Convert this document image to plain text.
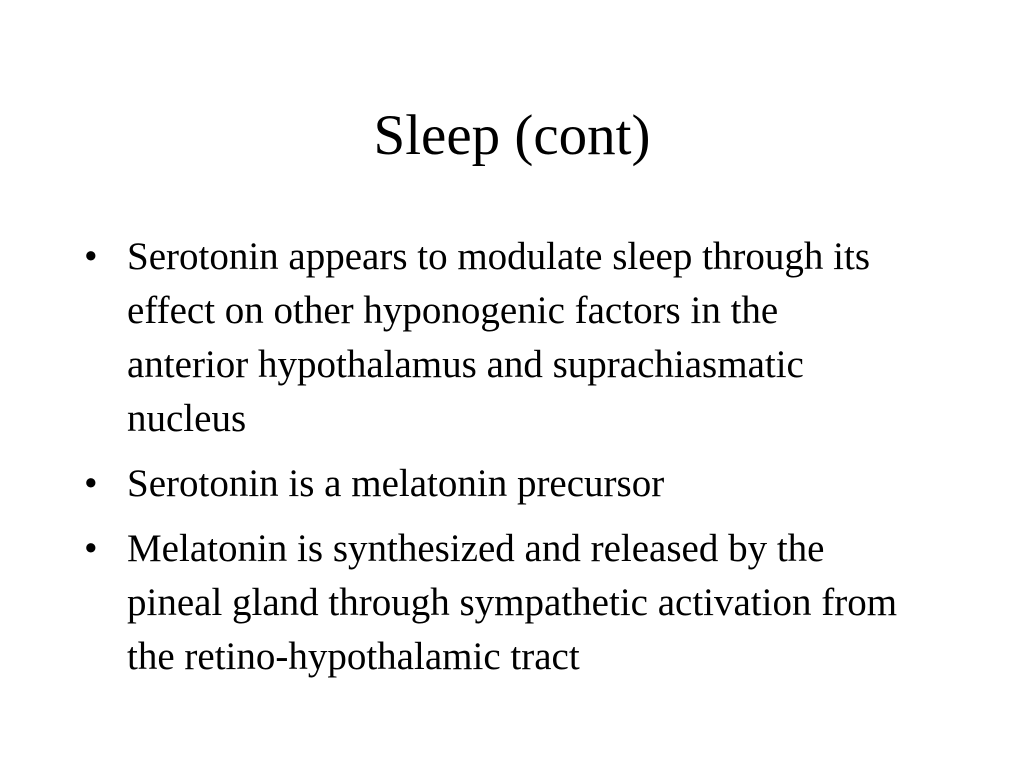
Sleep (cont)
• Serotonin appears to modulate sleep through its effect on other hyponogenic factors in the anterior hypothalamus and suprachiasmatic nucleus
• Serotonin is a melatonin precursor
• Melatonin is synthesized and released by the pineal gland through sympathetic activation from the retino-hypothalamic tract
